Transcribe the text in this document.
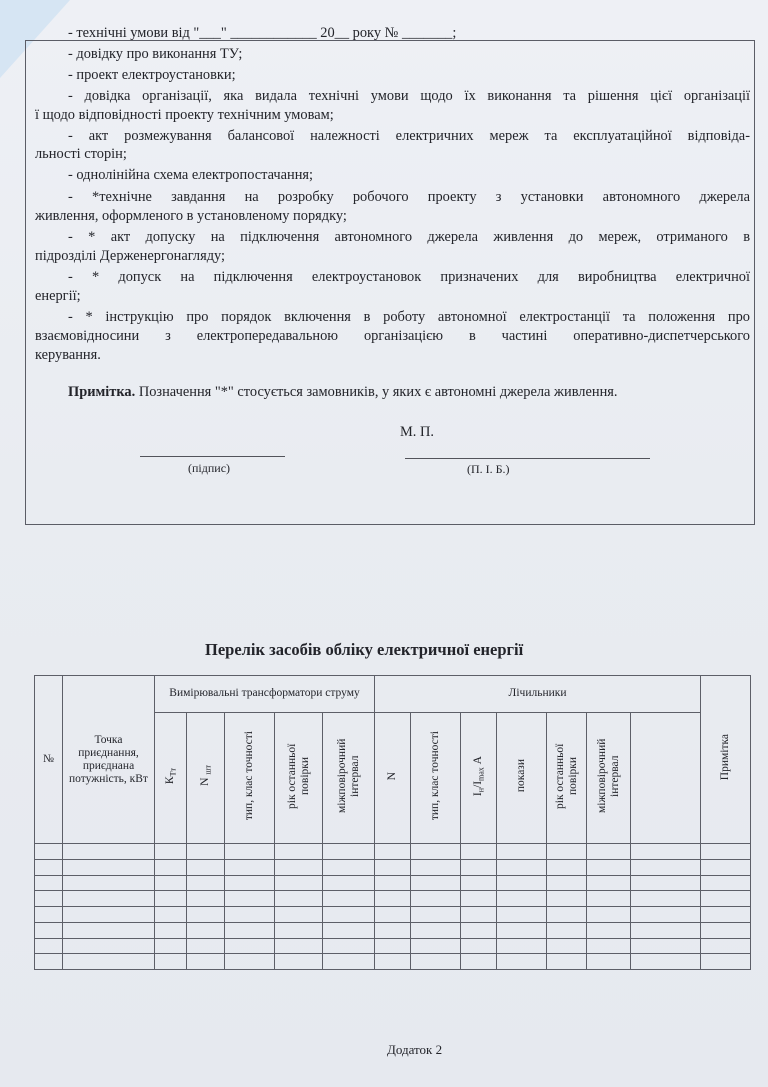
- технічні умови від "___" ____________ 20__ року № _______;
- довідку про виконання ТУ;
- проект електроустановки;
- довідка організації, яка видала технічні умови щодо їх виконання та рішення цієї організації
ї щодо відповідності проекту технічним умовам;
- акт розмежування балансової належності електричних мереж та експлуатаційної відповіда-
льності сторін;
- однолінійна схема електропостачання;
- *технічне завдання на розробку робочого проекту з установки автономного джерела
живлення, оформленого в установленому порядку;
- * акт допуску на підключення автономного джерела живлення до мереж, отриманого в
підрозділі Держенергонагляду;
- * допуск на підключення електроустановок призначених для виробництва електричної
енергії;
- * інструкцію про порядок включення в роботу автономної електростанції та положення про
взаємовідносини з електропередавальною організацією в частині оперативно-диспетчерського
керування.
Примітка. Позначення "*" стосується замовників, у яких є автономні джерела живлення.
М. П.
(підпис)	(П. І. Б.)
Перелік засобів обліку електричної енергії
№	Точка приєднання, приєднана потужність, кВт	Вимірювальні трансформатори струму					Лічильники							Примітка	
		$К_{Тт}$	N $_{шт}$	тип, клас точності	рік останньої повірки	міжповірочний інтервал	N	тип, клас точності	$І_н/І_{max}$ А	покази	рік останньої повірки	міжповірочний інтервал			

Додаток 2
